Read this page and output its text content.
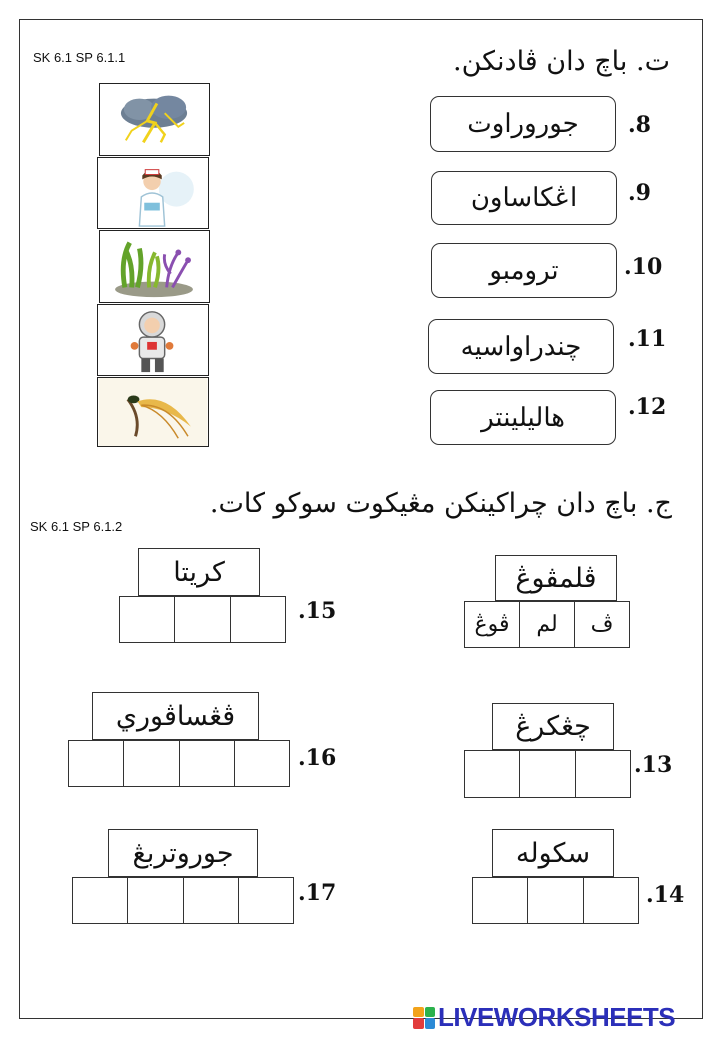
SK 6.1 SP 6.1.1	ت. باچ دان ڤادنكن.
جوروراوت	.8
اڠكاساون	.9
ترومبو	.10
چندراواسيه	.11
هاليلينتر	.12
ج. باچ دان چراكينكن مڠيكوت سوكو كات.
SK 6.1 SP 6.1.2
ڤلمڤوڠ
ڤوڠ	لم	ڤ
كريتا
.15
ڤڠساڤوري
.16
چڠكرڠ
.13
جوروتربڠ
.17
سكوله
.14
LIVEWORKSHEETS
